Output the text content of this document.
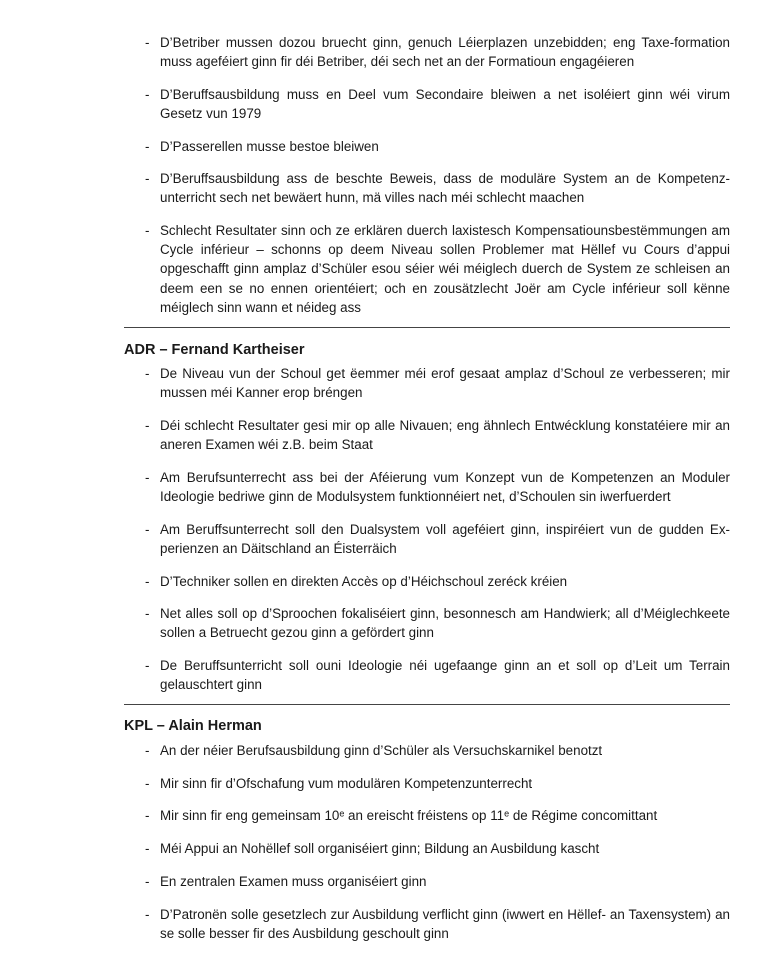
- D’Betriber mussen dozou bruecht ginn, genuch Léierplazen unzebidden; eng Taxe-formation muss ageféiert ginn fir déi Betriber, déi sech net an der Formatioun engagéieren
- D’Beruffsausbildung muss en Deel vum Secondaire bleiwen a net isoléiert ginn wéi virum Gesetz vun 1979
- D’Passerellen musse bestoe bleiwen
- D’Beruffsausbildung ass de beschte Beweis, dass de moduläre System an de Kompetenz-unterricht sech net bewäert hunn, mä villes nach méi schlecht maachen
- Schlecht Resultater sinn och ze erklären duerch laxistesch Kompensatiounsbestëmmungen am Cycle inférieur – schonns op deem Niveau sollen Problemer mat Hëllef vu Cours d’appui opgeschafft ginn amplaz d’Schüler esou séier wéi méiglech duerch de System ze schleisen an deem een se no ennen orientéiert; och en zousätzlecht Joër am Cycle inférieur soll kënne méiglech sinn wann et néideg ass
ADR – Fernand Kartheiser
- De Niveau vun der Schoul get ëemmer méi erof gesaat amplaz d’Schoul ze verbesseren; mir mussen méi Kanner erop bréngen
- Déi schlecht Resultater gesi mir op alle Nivauen; eng ähnlech Entwécklung konstatéiere mir an aneren Examen wéi z.B. beim Staat
- Am Berufsunterrecht ass bei der Aféierung vum Konzept vun de Kompetenzen an Moduler Ideologie bedriwe ginn de Modulsystem funktionnéiert net, d’Schoulen sin iwerfuerdert
- Am Beruffsunterrecht soll den Dualsystem voll ageféiert ginn, inspiréiert vun de gudden Ex-perienzen an Däitschland an Éisterräich
- D’Techniker sollen en direkten Accès op d’Héichschoul zeréck kréien
- Net alles soll op d’Sproochen fokaliséiert ginn, besonnesch am Handwierk; all d’Méiglechkeete sollen a Betruecht gezou ginn a gefördert ginn
- De Beruffsunterricht soll ouni Ideologie néi ugefaange ginn an et soll op d’Leit um Terrain gelauschtert ginn
KPL – Alain Herman
- An der néier Berufsausbildung ginn d’Schüler als Versuchskarnikel benotzt
- Mir sinn fir d’Ofschafung vum modulären Kompetenzunterrecht
- Mir sinn fir eng gemeinsam 10ᵉ an ereischt fréistens op 11ᵉ de Régime concomittant
- Méi Appui an Nohëllef soll organiséiert ginn; Bildung an Ausbildung kascht
- En zentralen Examen muss organiséiert ginn
- D’Patronën solle gesetzlech zur Ausbildung verflicht ginn (iwwert en Hëllef- an Taxensystem) an se solle besser fir des Ausbildung geschoult ginn
